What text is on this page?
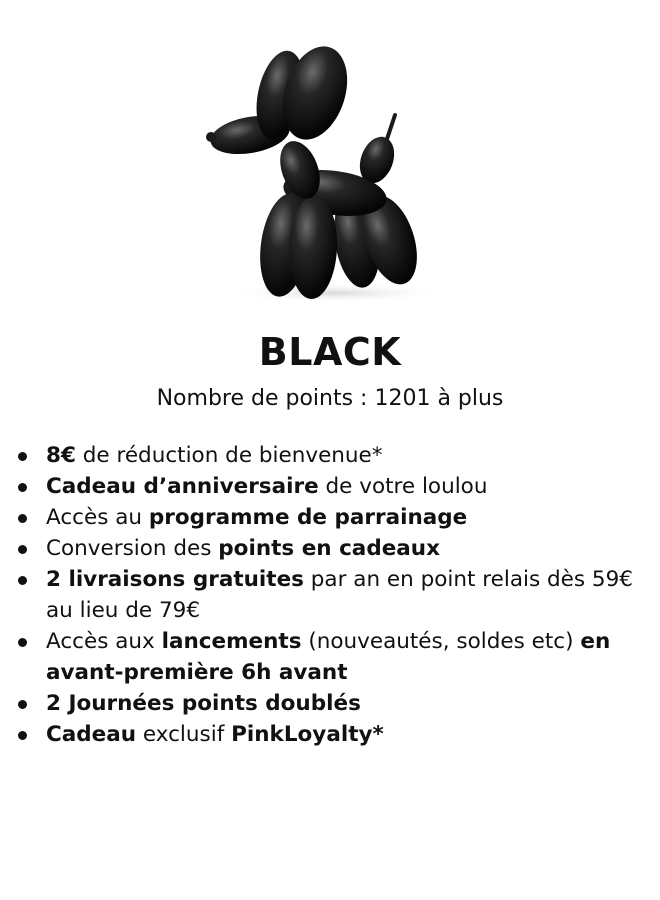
BLACK

Nombre de points : 1201 à plus

8€ de réduction de bienvenue*
Cadeau d’anniversaire de votre loulou
Accès au programme de parrainage
Conversion des points en cadeaux
2 livraisons gratuites par an en point relais dès 59€ au lieu de 79€
Accès aux lancements (nouveautés, soldes etc) en avant-première 6h avant
2 Journées points doublés
Cadeau exclusif PinkLoyalty*
